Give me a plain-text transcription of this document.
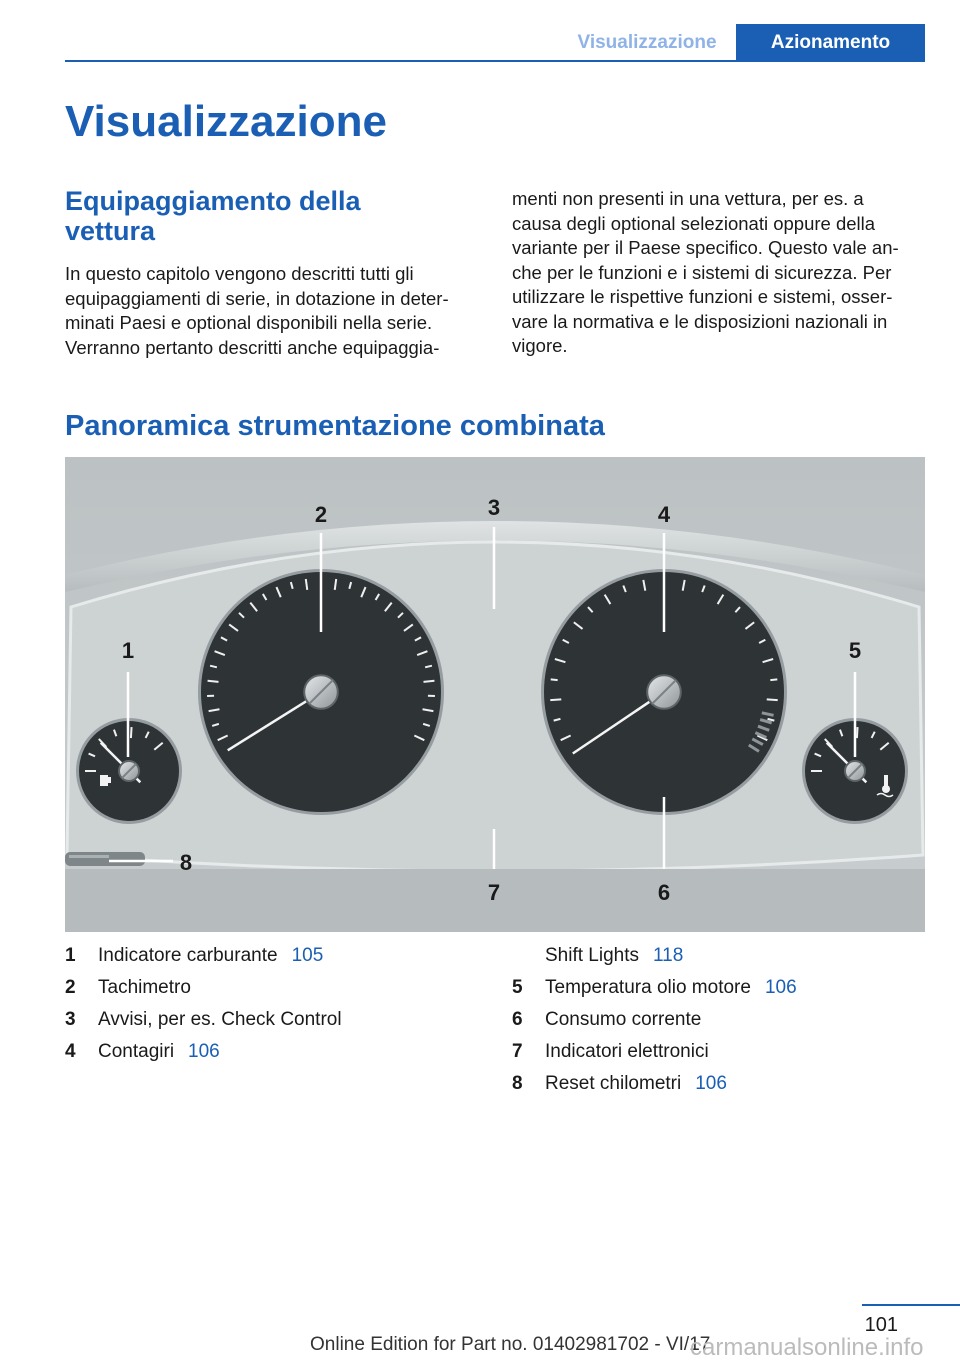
Visualizzazione	Azionamento
Visualizzazione
Equipaggiamento della vettura
In questo capitolo vengono descritti tutti gli
equipaggiamenti di serie, in dotazione in deter‐
minati Paesi e optional disponibili nella serie.
Verranno pertanto descritti anche equipaggia‐
menti non presenti in una vettura, per es. a
causa degli optional selezionati oppure della
variante per il Paese specifico. Questo vale an‐
che per le funzioni e i sistemi di sicurezza. Per
utilizzare le rispettive funzioni e sistemi, osser‐
vare la normativa e le disposizioni nazionali in
vigore.
Panoramica strumentazione combinata
1
2	3	4
5
6
7
8
1	Indicatore carburante 105
2	Tachimetro
3	Avvisi, per es. Check Control
4	Contagiri 106
Shift Lights 118
5	Temperatura olio motore 106
6	Consumo corrente
7	Indicatori elettronici
8	Reset chilometri 106
101
Online Edition for Part no. 01402981702 - VI/17
carmanualsonline.info
